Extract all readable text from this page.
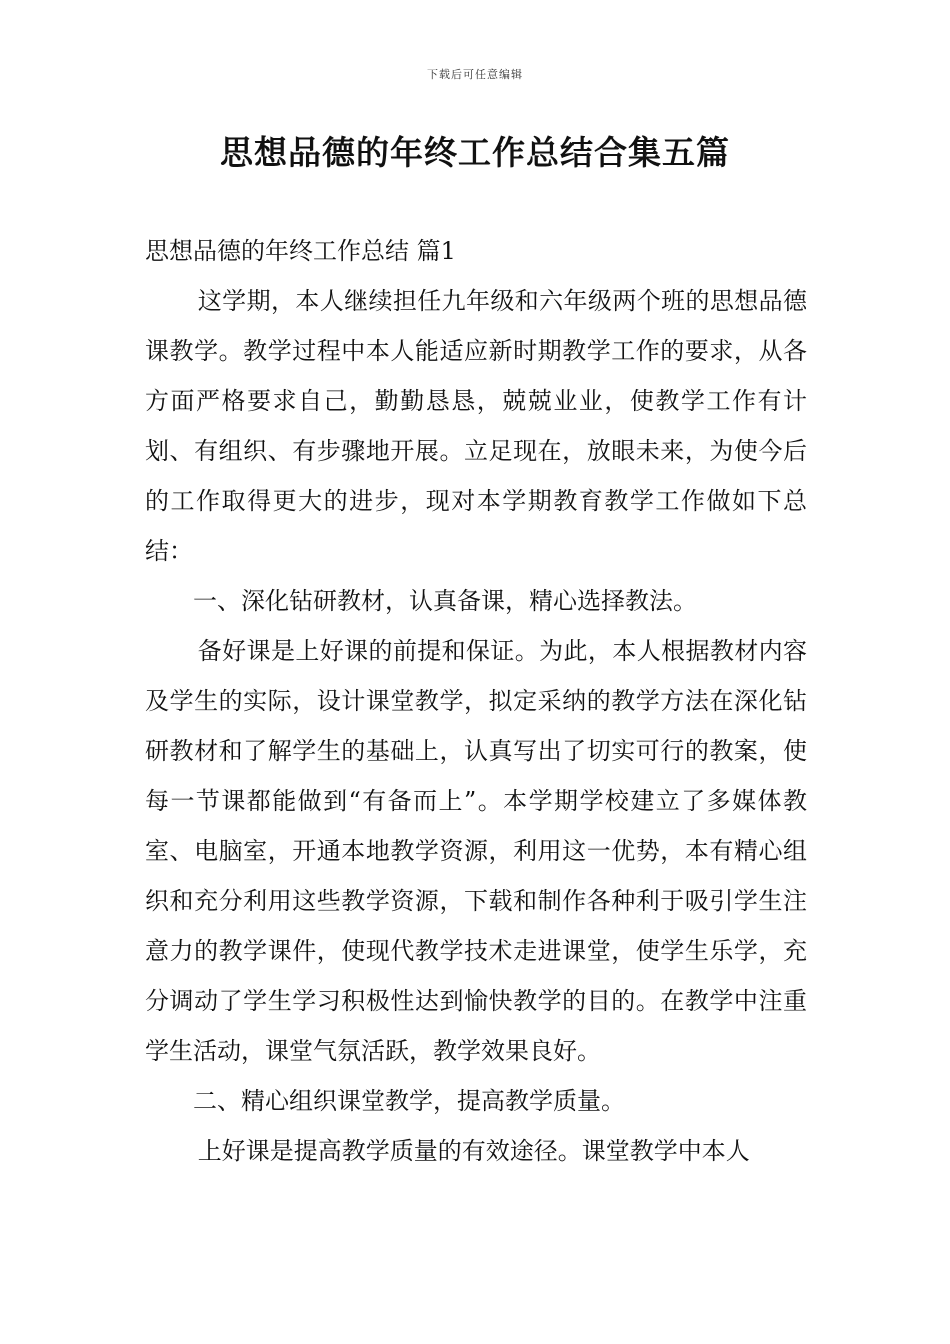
下载后可任意编辑
思想品德的年终工作总结合集五篇

思想品德的年终工作总结 篇1

这学期，本人继续担任九年级和六年级两个班的思想品德课教学。教学过程中本人能适应新时期教学工作的要求，从各方面严格要求自己，勤勤恳恳，兢兢业业，使教学工作有计划、有组织、有步骤地开展。立足现在，放眼未来，为使今后的工作取得更大的进步，现对本学期教育教学工作做如下总结：

一、深化钻研教材，认真备课，精心选择教法。

备好课是上好课的前提和保证。为此，本人根据教材内容及学生的实际，设计课堂教学，拟定采纳的教学方法在深化钻研教材和了解学生的基础上，认真写出了切实可行的教案，使每一节课都能做到“有备而上”。本学期学校建立了多媒体教室、电脑室，开通本地教学资源，利用这一优势，本有精心组织和充分利用这些教学资源，下载和制作各种利于吸引学生注意力的教学课件，使现代教学技术走进课堂，使学生乐学，充分调动了学生学习积极性达到愉快教学的目的。在教学中注重学生活动，课堂气氛活跃，教学效果良好。

二、精心组织课堂教学，提高教学质量。

上好课是提高教学质量的有效途径。课堂教学中本人
